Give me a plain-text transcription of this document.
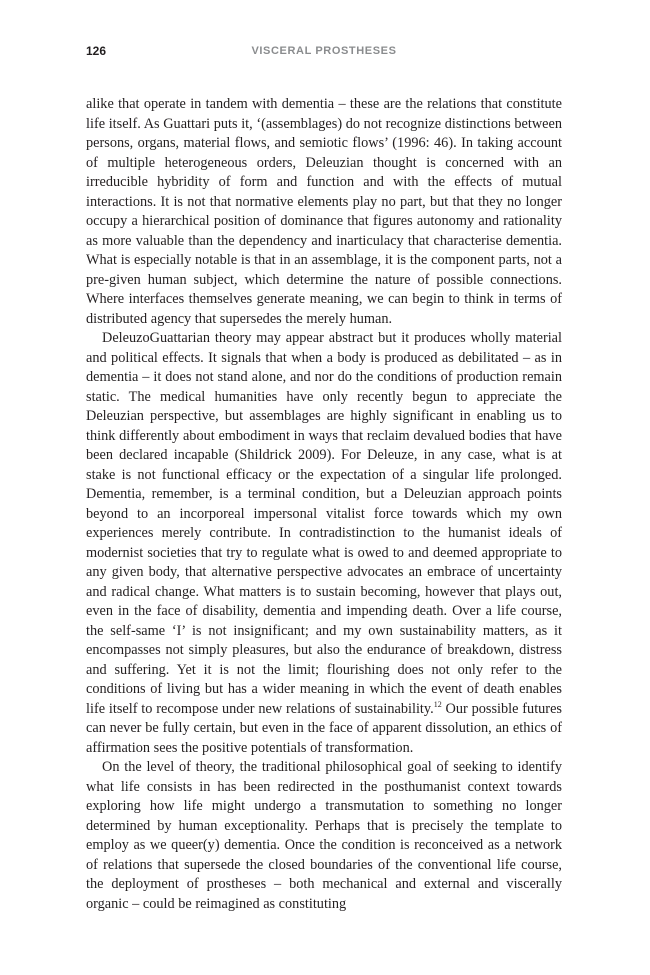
126	VISCERAL PROSTHESES

alike that operate in tandem with dementia – these are the relations that constitute life itself. As Guattari puts it, ‘(assemblages) do not recognize distinctions between persons, organs, material flows, and semiotic flows’ (1996: 46). In taking account of multiple heterogeneous orders, Deleuzian thought is concerned with an irreducible hybridity of form and function and with the effects of mutual interactions. It is not that normative elements play no part, but that they no longer occupy a hierarchical position of dominance that figures autonomy and rationality as more valuable than the dependency and inarticulacy that characterise dementia. What is especially notable is that in an assemblage, it is the component parts, not a pre-given human subject, which determine the nature of possible connections. Where interfaces themselves generate meaning, we can begin to think in terms of distributed agency that supersedes the merely human.

DeleuzoGuattarian theory may appear abstract but it produces wholly material and political effects. It signals that when a body is produced as debilitated – as in dementia – it does not stand alone, and nor do the conditions of production remain static. The medical humanities have only recently begun to appreciate the Deleuzian perspective, but assemblages are highly significant in enabling us to think differently about embodiment in ways that reclaim devalued bodies that have been declared incapable (Shildrick 2009). For Deleuze, in any case, what is at stake is not functional efficacy or the expectation of a singular life prolonged. Dementia, remember, is a terminal condition, but a Deleuzian approach points beyond to an incorporeal impersonal vitalist force towards which my own experiences merely contribute. In contradistinction to the humanist ideals of modernist societies that try to regulate what is owed to and deemed appropriate to any given body, that alternative perspective advocates an embrace of uncertainty and radical change. What matters is to sustain becoming, however that plays out, even in the face of disability, dementia and impending death. Over a life course, the self-same ‘I’ is not insignificant; and my own sustainability matters, as it encompasses not simply pleasures, but also the endurance of breakdown, distress and suffering. Yet it is not the limit; flourishing does not only refer to the conditions of living but has a wider meaning in which the event of death enables life itself to recompose under new relations of sustainability.$^{12}$ Our possible futures can never be fully certain, but even in the face of apparent dissolution, an ethics of affirmation sees the positive potentials of transformation.

On the level of theory, the traditional philosophical goal of seeking to identify what life consists in has been redirected in the posthumanist context towards exploring how life might undergo a transmutation to something no longer determined by human exceptionality. Perhaps that is precisely the template to employ as we queer(y) dementia. Once the condition is reconceived as a network of relations that supersede the closed boundaries of the conventional life course, the deployment of prostheses – both mechanical and external and viscerally organic – could be reimagined as constituting
